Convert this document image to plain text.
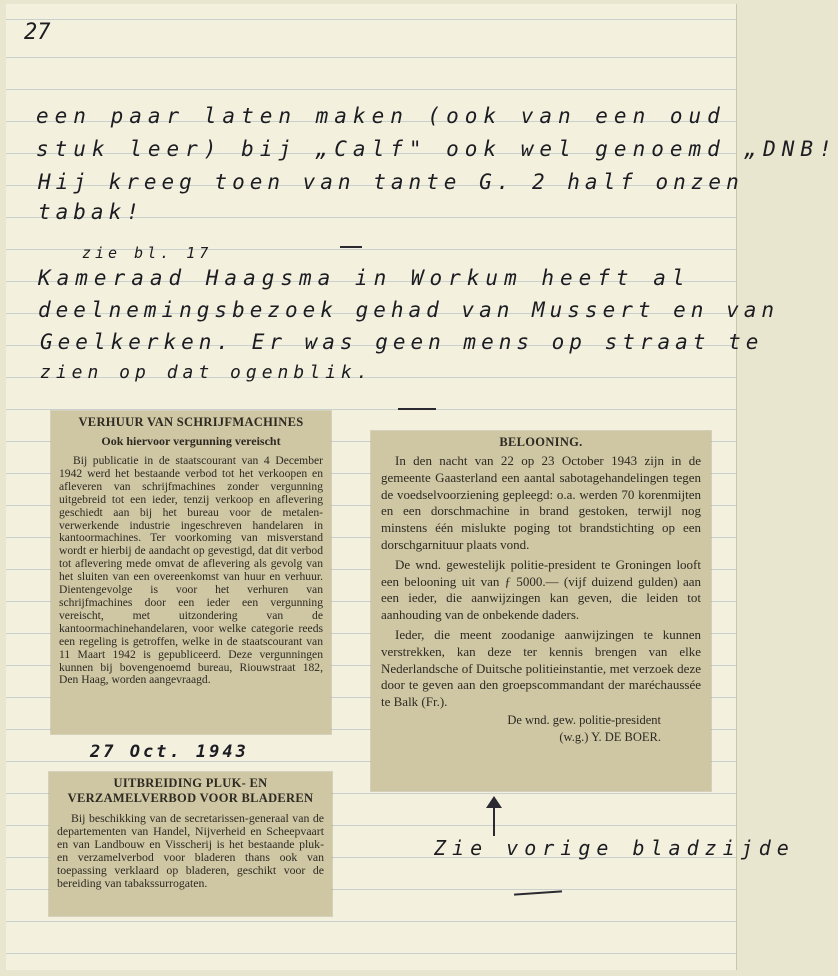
27
een paar laten maken (ook van een oud
stuk leer) bij „Calf" ook wel genoemd „DNB!
Hij kreeg toen van tante G. 2 half onzen
tabak!
zie bl. 17
Kameraad Haagsma in Workum heeft al
deelnemingsbezoek gehad van Mussert en van
Geelkerken. Er was geen mens op straat te
zien op dat ogenblik.
VERHUUR VAN SCHRIJFMACHINES
Ook hiervoor vergunning vereischt

Bij publicatie in de staatscourant van 4 December 1942 werd het bestaande verbod tot het verkoopen en afleveren van schrijfmachines zonder vergunning uitgebreid tot een ieder, tenzij verkoop en aflevering geschiedt aan bij het bureau voor de metalen-verwerkende industrie ingeschreven handelaren in kantoormachines. Ter voorkoming van misverstand wordt er hierbij de aandacht op gevestigd, dat dit verbod tot aflevering mede omvat de aflevering als gevolg van het sluiten van een overeenkomst van huur en verhuur. Dientengevolge is voor het verhuren van schrijfmachines door een ieder een vergunning vereischt, met uitzondering van de kantoormachinehandelaren, voor welke categorie reeds een regeling is getroffen, welke in de staatscourant van 11 Maart 1942 is gepubliceerd. Deze vergunningen kunnen bij bovengenoemd bureau, Riouwstraat 182, Den Haag, worden aangevraagd.

27 Oct. 1943
UITBREIDING PLUK- EN VERZAMELVERBOD VOOR BLADEREN

Bij beschikking van de secretarissen-generaal van de departementen van Handel, Nijverheid en Scheepvaart en van Landbouw en Visscherij is het bestaande pluk- en verzamelverbod voor bladeren thans ook van toepassing verklaard op bladeren, geschikt voor de bereiding van tabakssurrogaten.

BELOONING.

In den nacht van 22 op 23 October 1943 zijn in de gemeente Gaasterland een aantal sabotagehandelingen tegen de voedselvoorziening gepleegd: o.a. werden 70 korenmijten en een dorschmachine in brand gestoken, terwijl nog minstens één mislukte poging tot brandstichting op een dorschgarnituur plaats vond.

De wnd. gewestelijk politie-president te Groningen looft een belooning uit van ƒ 5000.— (vijf duizend gulden) aan een ieder, die aanwijzingen kan geven, die leiden tot aanhouding van de onbekende daders.

Ieder, die meent zoodanige aanwijzingen te kunnen verstrekken, kan deze ter kennis brengen van elke Nederlandsche of Duitsche politieinstantie, met verzoek deze door te geven aan den groepscommandant der maréchaussée te Balk (Fr.).

De wnd. gew. politie-president
(w.g.) Y. DE BOER.
Zie vorige bladzijde
